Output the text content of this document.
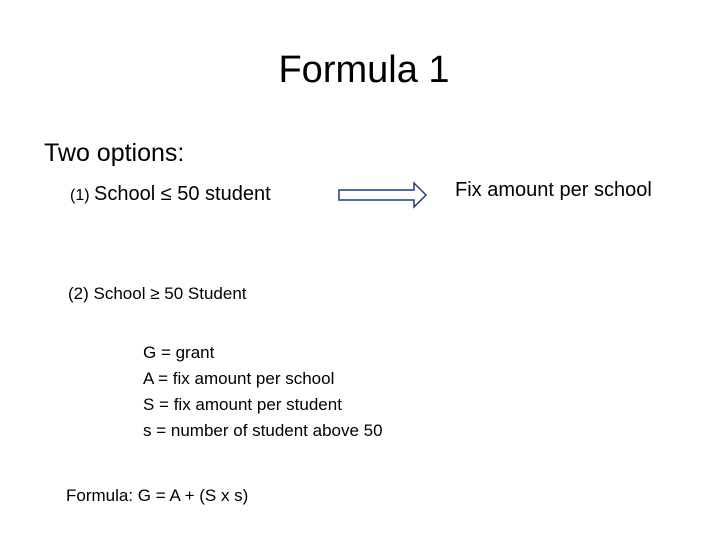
Formula 1
Two options:
(1) School ≤ 50 student	Fix amount per school
(2) School ≥ 50 Student
G = grant
A = fix amount per school
S = fix amount per student
s = number of student above 50
Formula: G = A + (S x s)
